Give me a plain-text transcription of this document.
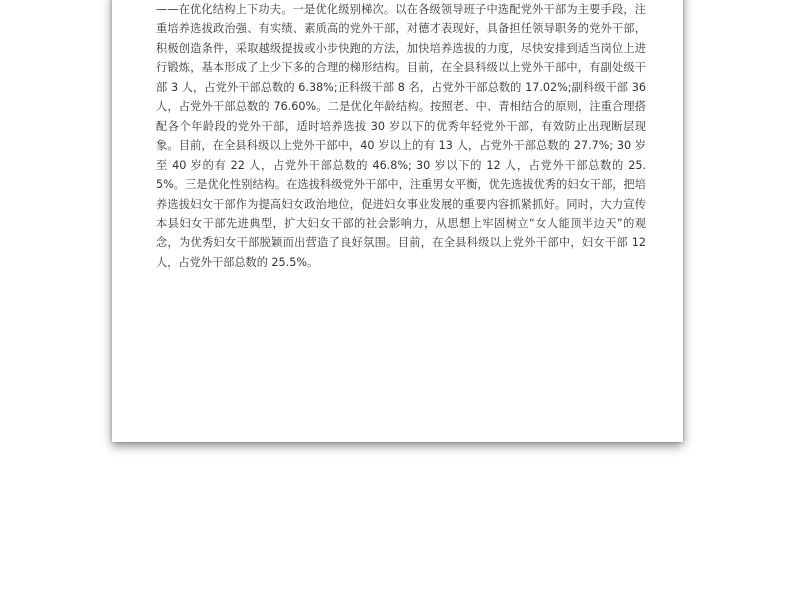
——在优化结构上下功夫。一是优化级别梯次。以在各级领导班子中选配党外干部为主要手段，注重培养选拔政治强、有实绩、素质高的党外干部，对德才表现好，具备担任领导职务的党外干部，积极创造条件，采取越级提拔或小步快跑的方法，加快培养选拔的力度，尽快安排到适当岗位上进行锻炼，基本形成了上少下多的合理的梯形结构。目前，在全县科级以上党外干部中，有副处级干部 3 人，占党外干部总数的 6.38%;正科级干部 8 名，占党外干部总数的 17.02%;副科级干部 36 人，占党外干部总数的 76.60%。二是优化年龄结构。按照老、中、青相结合的原则，注重合理搭配各个年龄段的党外干部，适时培养选拔 30 岁以下的优秀年轻党外干部，有效防止出现断层现象。目前，在全县科级以上党外干部中，40 岁以上的有 13 人，占党外干部总数的 27.7%; 30 岁至 40 岁的有 22 人，占党外干部总数的 46.8%; 30 岁以下的 12 人，占党外干部总数的 25.5%。三是优化性别结构。在选拔科级党外干部中，注重男女平衡，优先选拔优秀的妇女干部，把培养选拔妇女干部作为提高妇女政治地位，促进妇女事业发展的重要内容抓紧抓好。同时，大力宣传本县妇女干部先进典型，扩大妇女干部的社会影响力，从思想上牢固树立“女人能顶半边天”的观念，为优秀妇女干部脱颖而出营造了良好氛围。目前，在全县科级以上党外干部中，妇女干部 12 人，占党外干部总数的 25.5%。
